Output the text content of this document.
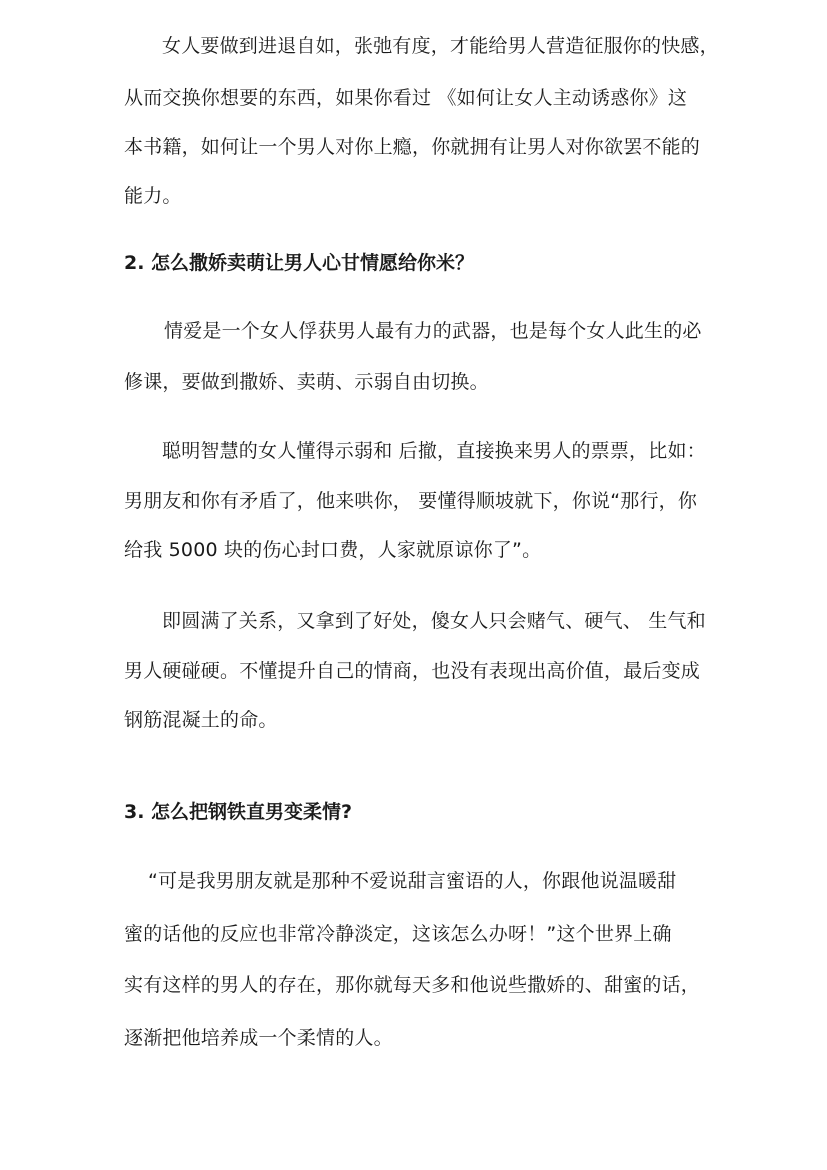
女人要做到进退自如，张弛有度，才能给男人营造征服你的快感，
从而交换你想要的东西，如果你看过 《如何让女人主动诱惑你》这
本书籍，如何让一个男人对你上瘾，你就拥有让男人对你欲罢不能的
能力。
2. 怎么撒娇卖萌让男人心甘情愿给你米？
情爱是一个女人俘获男人最有力的武器，也是每个女人此生的必
修课，要做到撒娇、卖萌、示弱自由切换。
聪明智慧的女人懂得示弱和 后撤，直接换来男人的票票，比如：
男朋友和你有矛盾了，他来哄你， 要懂得顺坡就下，你说“那行，你
给我 5000 块的伤心封口费，人家就原谅你了”。
即圆满了关系，又拿到了好处，傻女人只会赌气、硬气、 生气和
男人硬碰硬。不懂提升自己的情商，也没有表现出高价值，最后变成
钢筋混凝土的命。
3. 怎么把钢铁直男变柔情?
“可是我男朋友就是那种不爱说甜言蜜语的人，你跟他说温暖甜
蜜的话他的反应也非常冷静淡定，这该怎么办呀！”这个世界上确
实有这样的男人的存在，那你就每天多和他说些撒娇的、甜蜜的话，
逐渐把他培养成一个柔情的人。
